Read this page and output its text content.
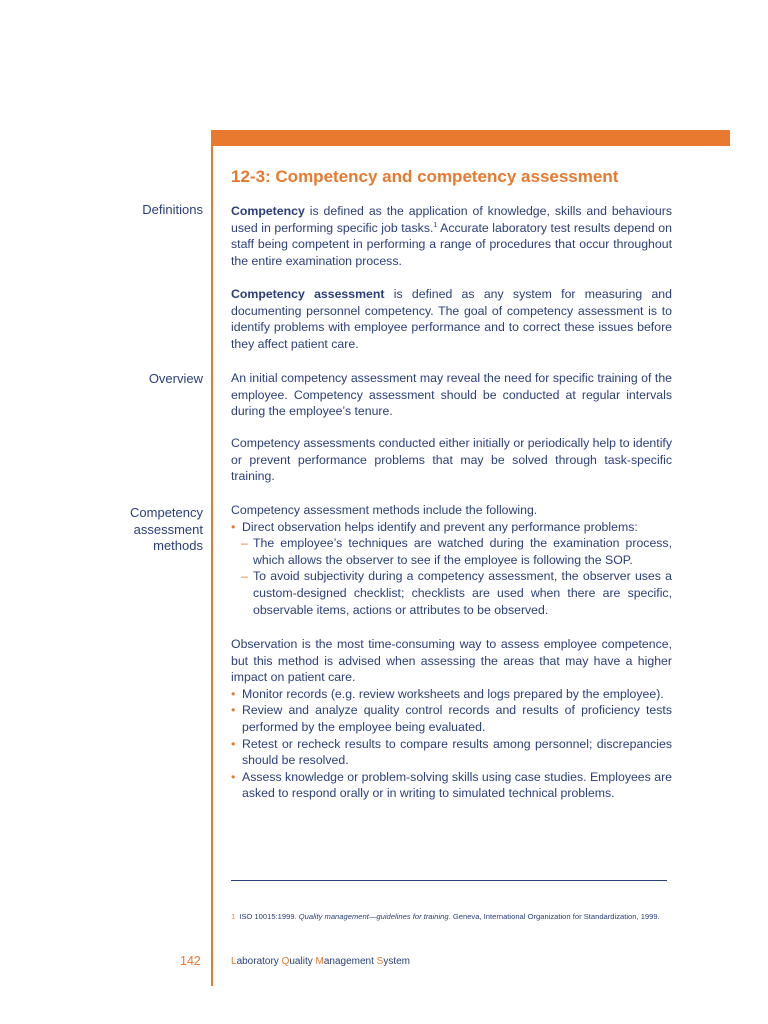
12-3: Competency and competency assessment
Definitions
Overview
Competency
assessment
methods

Competency is defined as the application of knowledge, skills and behaviours used in performing specific job tasks.$^1$ Accurate laboratory test results depend on staff being competent in performing a range of procedures that occur throughout the entire examination process.

Competency assessment is defined as any system for measuring and documenting personnel competency. The goal of competency assessment is to identify problems with employee performance and to correct these issues before they affect patient care.

An initial competency assessment may reveal the need for specific training of the employee. Competency assessment should be conducted at regular intervals during the employee’s tenure.

Competency assessments conducted either initially or periodically help to identify or prevent performance problems that may be solved through task-specific training.

Competency assessment methods include the following.

• Direct observation helps identify and prevent any performance problems:
– The employee’s techniques are watched during the examination process, which allows the observer to see if the employee is following the SOP.
– To avoid subjectivity during a competency assessment, the observer uses a custom-designed checklist; checklists are used when there are specific, observable items, actions or attributes to be observed.

Observation is the most time-consuming way to assess employee competence, but this method is advised when assessing the areas that may have a higher impact on patient care.

• Monitor records (e.g. review worksheets and logs prepared by the employee).
• Review and analyze quality control records and results of proficiency tests performed by the employee being evaluated.
• Retest or recheck results to compare results among personnel; discrepancies should be resolved.
• Assess knowledge or problem-solving skills using case studies. Employees are asked to respond orally or in writing to simulated technical problems.
1 ISO 10015:1999. Quality management—guidelines for training. Geneva, International Organization for Standardization, 1999.
142	Laboratory Quality Management System
